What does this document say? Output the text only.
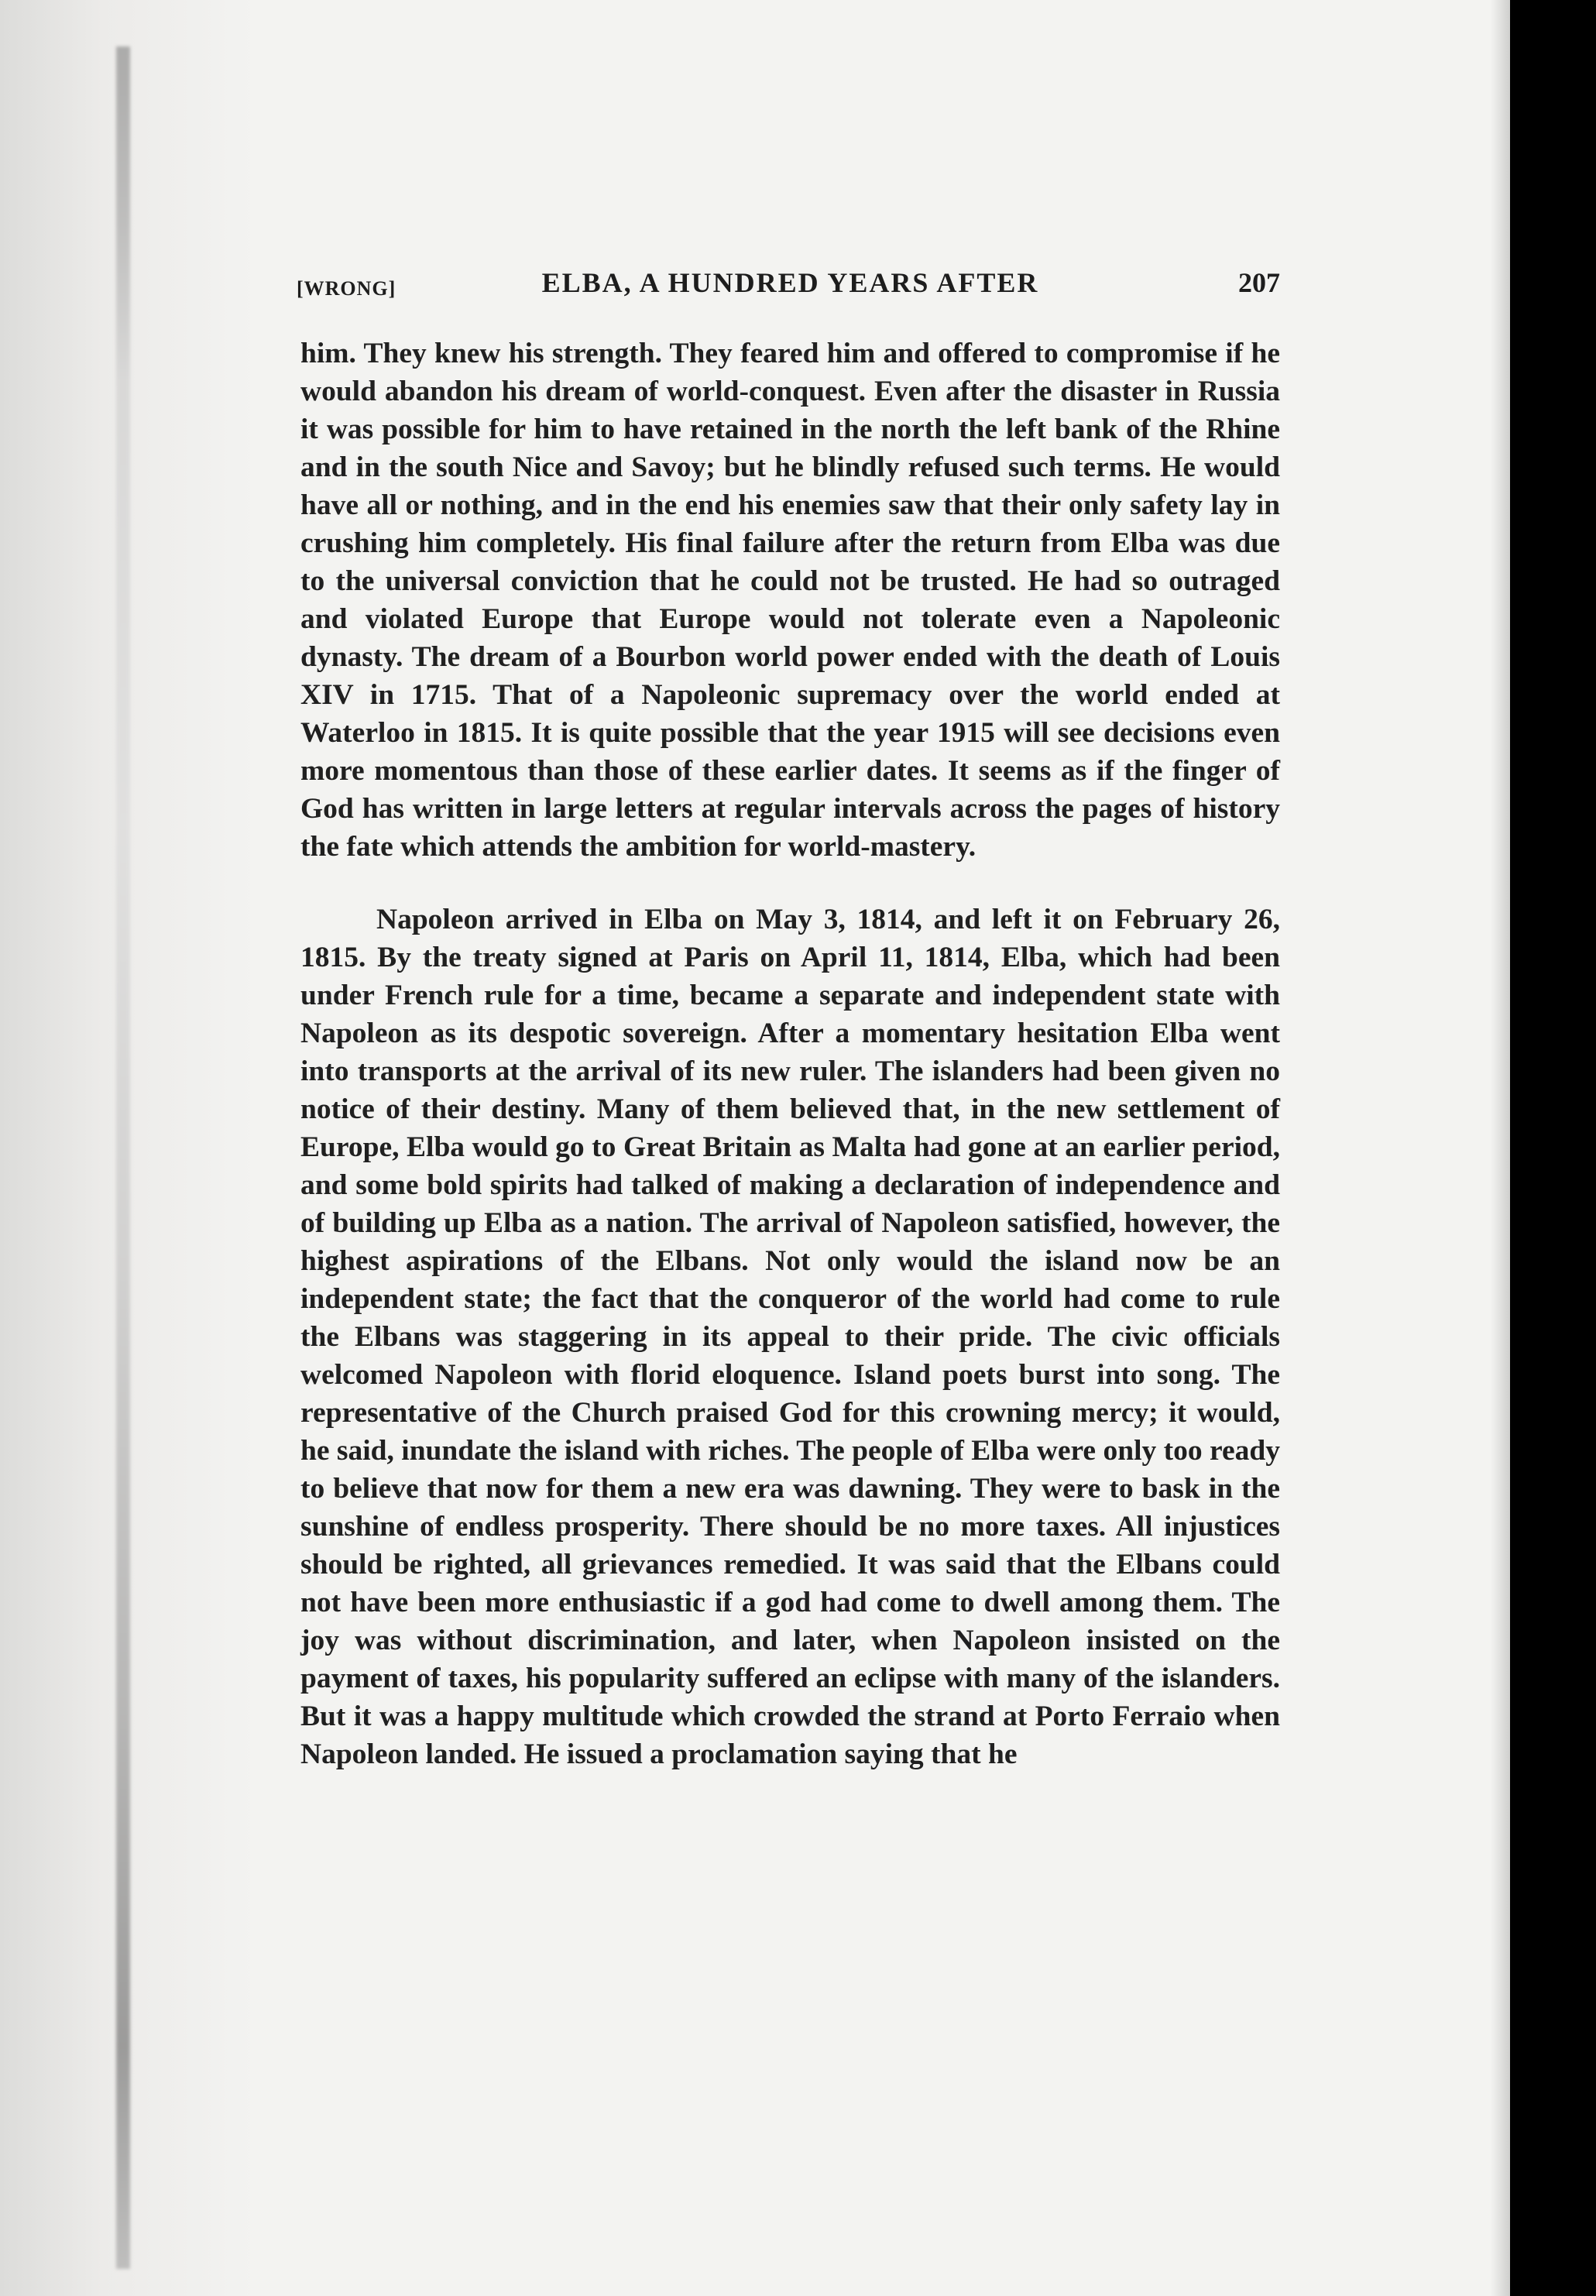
[WRONG]	ELBA, A HUNDRED YEARS AFTER	207

him. They knew his strength. They feared him and offered to compromise if he would abandon his dream of world-conquest. Even after the disaster in Russia it was possible for him to have retained in the north the left bank of the Rhine and in the south Nice and Savoy; but he blindly refused such terms. He would have all or nothing, and in the end his enemies saw that their only safety lay in crushing him completely. His final failure after the return from Elba was due to the universal conviction that he could not be trusted. He had so outraged and violated Europe that Europe would not tolerate even a Napoleonic dynasty. The dream of a Bourbon world power ended with the death of Louis XIV in 1715. That of a Napoleonic supremacy over the world ended at Waterloo in 1815. It is quite possible that the year 1915 will see decisions even more momentous than those of these earlier dates. It seems as if the finger of God has written in large letters at regular intervals across the pages of history the fate which attends the ambition for world-mastery.

Napoleon arrived in Elba on May 3, 1814, and left it on February 26, 1815. By the treaty signed at Paris on April 11, 1814, Elba, which had been under French rule for a time, became a separate and independent state with Napoleon as its despotic sovereign. After a momentary hesitation Elba went into transports at the arrival of its new ruler. The islanders had been given no notice of their destiny. Many of them believed that, in the new settlement of Europe, Elba would go to Great Britain as Malta had gone at an earlier period, and some bold spirits had talked of making a declaration of independence and of building up Elba as a nation. The arrival of Napoleon satisfied, however, the highest aspirations of the Elbans. Not only would the island now be an independent state; the fact that the conqueror of the world had come to rule the Elbans was staggering in its appeal to their pride. The civic officials welcomed Napoleon with florid eloquence. Island poets burst into song. The representative of the Church praised God for this crowning mercy; it would, he said, inundate the island with riches. The people of Elba were only too ready to believe that now for them a new era was dawning. They were to bask in the sunshine of endless prosperity. There should be no more taxes. All injustices should be righted, all grievances remedied. It was said that the Elbans could not have been more enthusiastic if a god had come to dwell among them. The joy was without discrimination, and later, when Napoleon insisted on the payment of taxes, his popularity suffered an eclipse with many of the islanders. But it was a happy multitude which crowded the strand at Porto Ferraio when Napoleon landed. He issued a proclamation saying that he
